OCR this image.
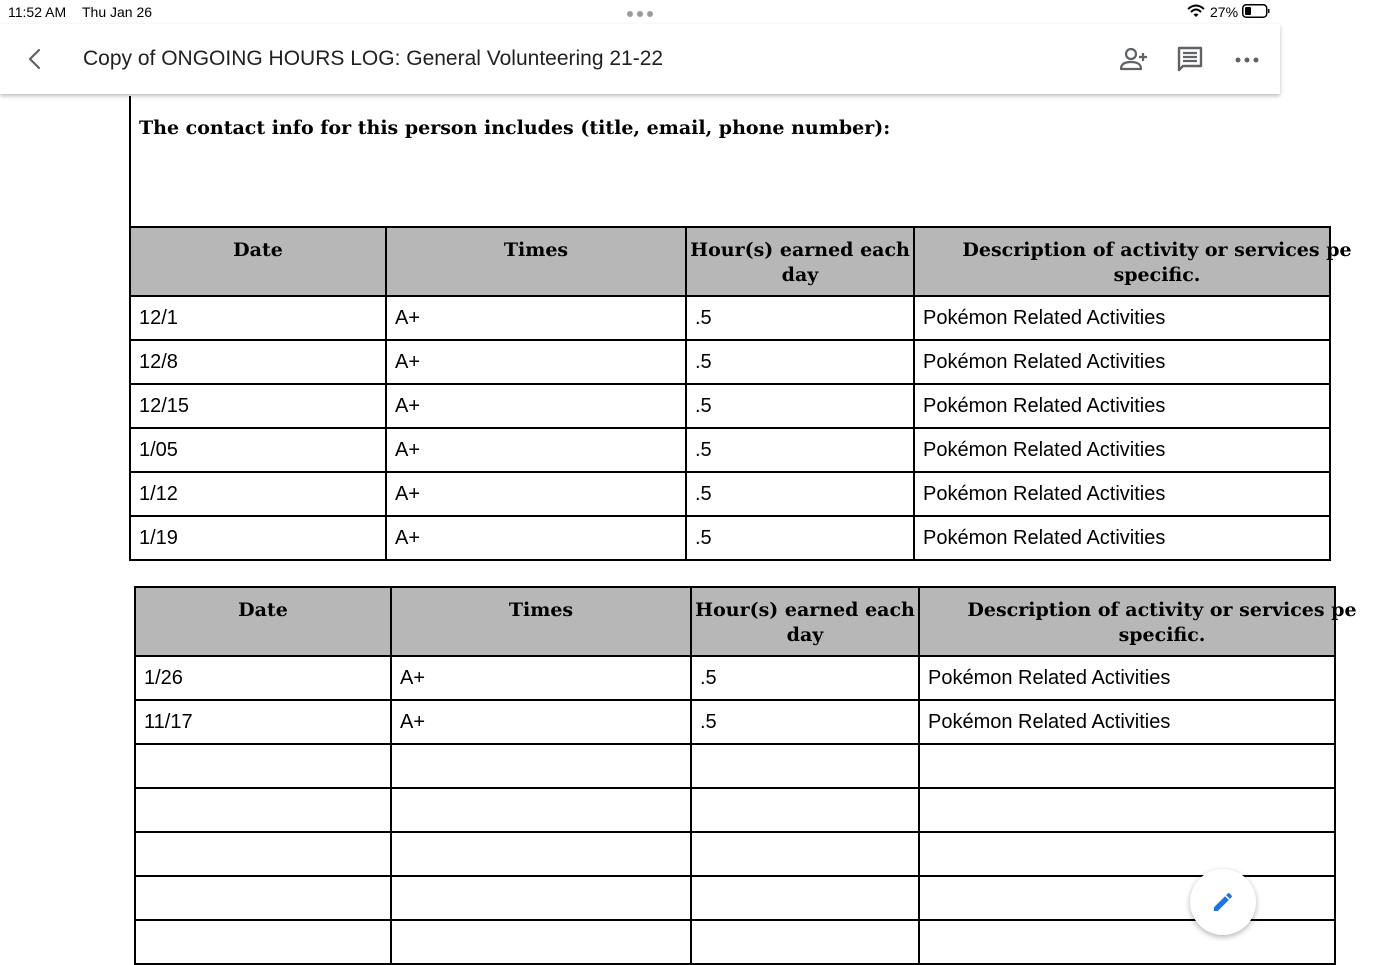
11:52 AM Thu Jan 26	27%
Copy of ONGOING HOURS LOG: General Volunteering 21-22
The contact info for this person includes (title, email, phone number):
Date	Times	Hour(s) earned each day	Description of activity or services pe specific.

12/1	A+	.5	Pokémon Related Activities
12/8	A+	.5	Pokémon Related Activities
12/15	A+	.5	Pokémon Related Activities
1/05	A+	.5	Pokémon Related Activities
1/12	A+	.5	Pokémon Related Activities
1/19	A+	.5	Pokémon Related Activities
Date	Times	Hour(s) earned each day	Description of activity or services pe specific.

1/26	A+	.5	Pokémon Related Activities
11/17	A+	.5	Pokémon Related Activities
